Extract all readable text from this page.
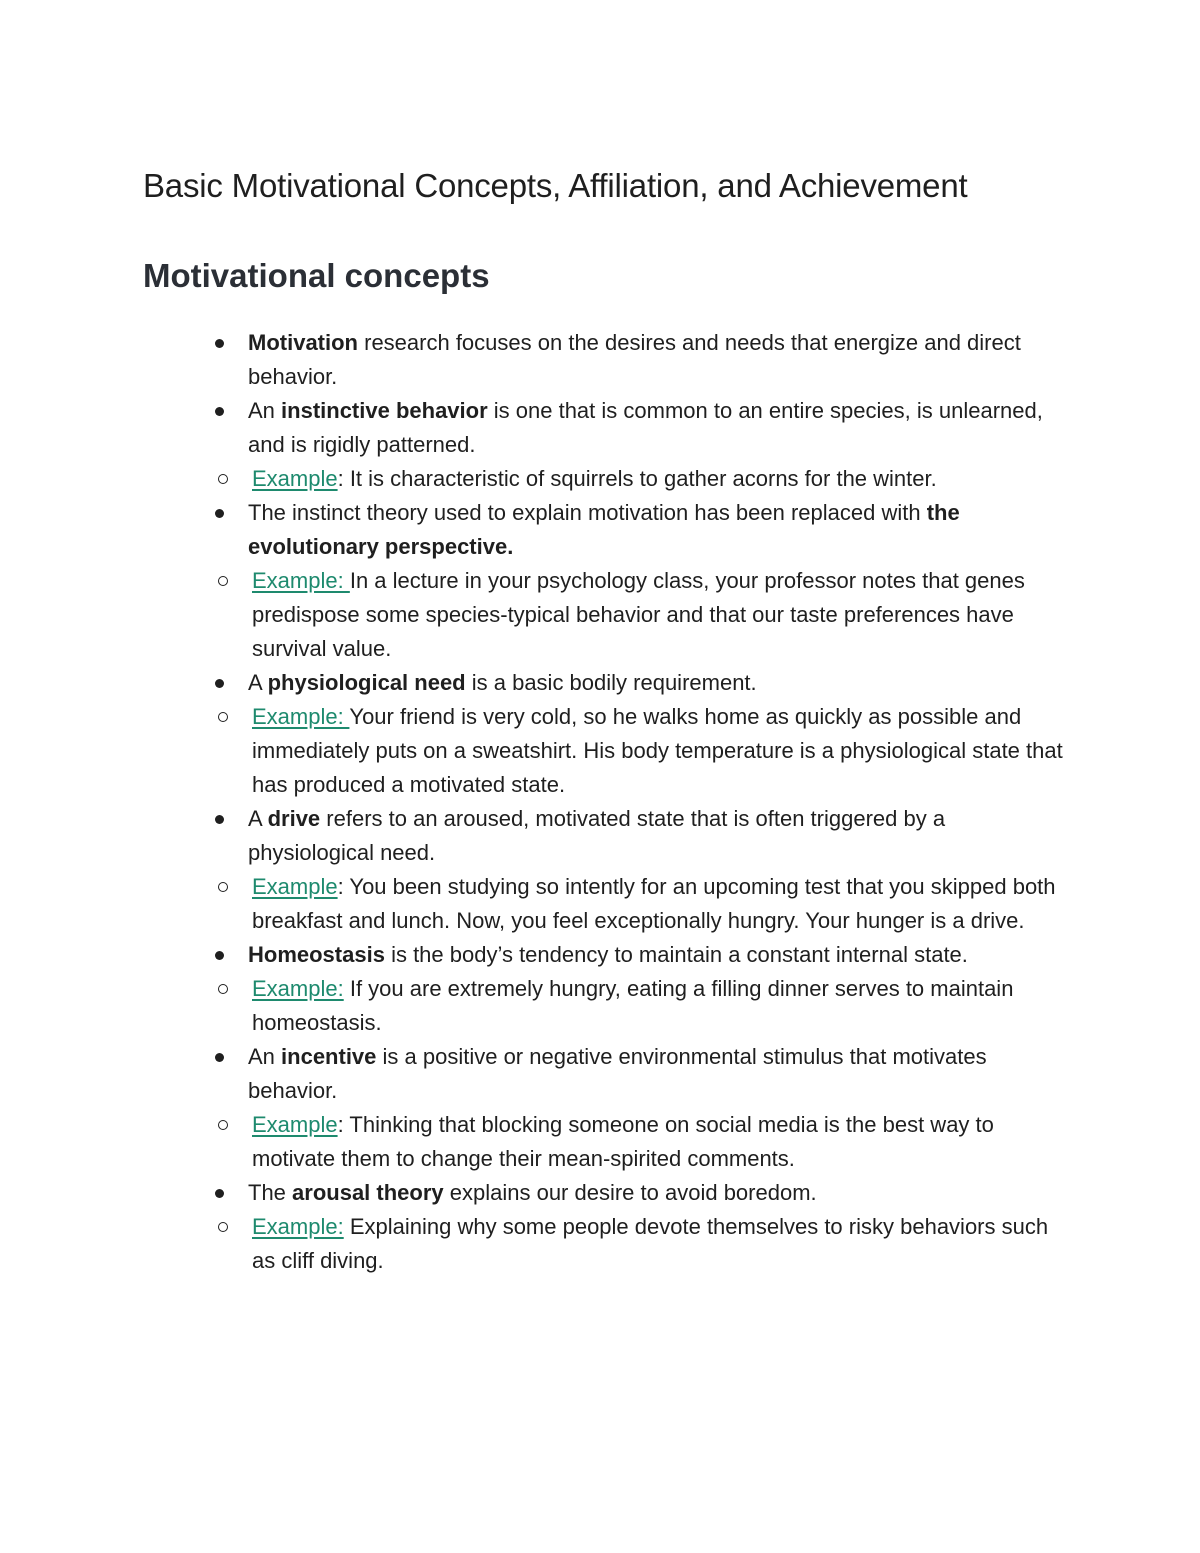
Basic Motivational Concepts, Affiliation, and Achievement
Motivational concepts
Motivation research focuses on the desires and needs that energize and direct behavior.
An instinctive behavior is one that is common to an entire species, is unlearned, and is rigidly patterned.
Example: It is characteristic of squirrels to gather acorns for the winter.
The instinct theory used to explain motivation has been replaced with the evolutionary perspective.
Example: In a lecture in your psychology class, your professor notes that genes predispose some species-typical behavior and that our taste preferences have survival value.
A physiological need is a basic bodily requirement.
Example: Your friend is very cold, so he walks home as quickly as possible and immediately puts on a sweatshirt. His body temperature is a physiological state that has produced a motivated state.
A drive refers to an aroused, motivated state that is often triggered by a physiological need.
Example: You been studying so intently for an upcoming test that you skipped both breakfast and lunch. Now, you feel exceptionally hungry. Your hunger is a drive.
Homeostasis is the body’s tendency to maintain a constant internal state.
Example: If you are extremely hungry, eating a filling dinner serves to maintain homeostasis.
An incentive is a positive or negative environmental stimulus that motivates behavior.
Example: Thinking that blocking someone on social media is the best way to motivate them to change their mean-spirited comments.
The arousal theory explains our desire to avoid boredom.
Example: Explaining why some people devote themselves to risky behaviors such as cliff diving.
